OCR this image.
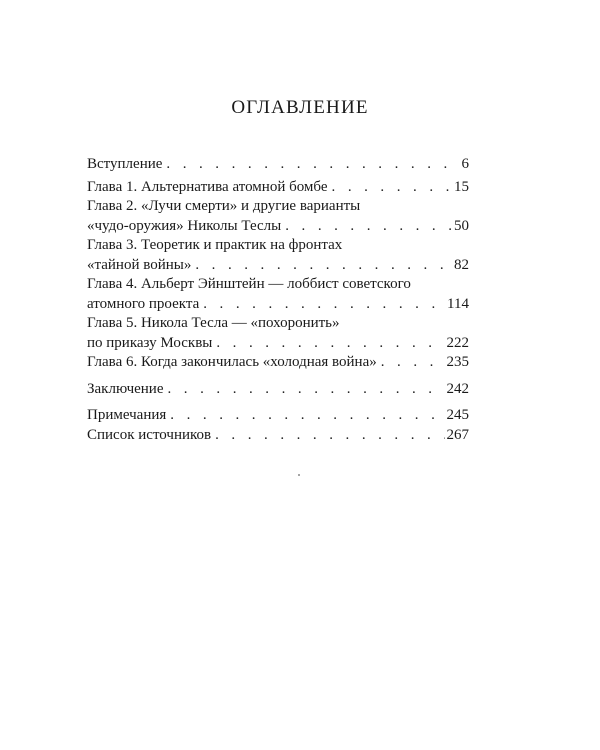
ОГЛАВЛЕНИЕ
Вступление . . .	6
Глава 1. Альтернатива атомной бомбе . . .	15
Глава 2. «Лучи смерти» и другие варианты
«чудо-оружия» Николы Теслы . . .	50
Глава 3. Теоретик и практик на фронтах
«тайной войны» . . .	82
Глава 4. Альберт Эйнштейн — лоббист советского
атомного проекта . . .	114
Глава 5. Никола Тесла — «похоронить»
по приказу Москвы . . .	222
Глава 6. Когда закончилась «холодная война» . . .	235
Заключение . . .	242
Примечания . . .	245
Список источников . . .	267
